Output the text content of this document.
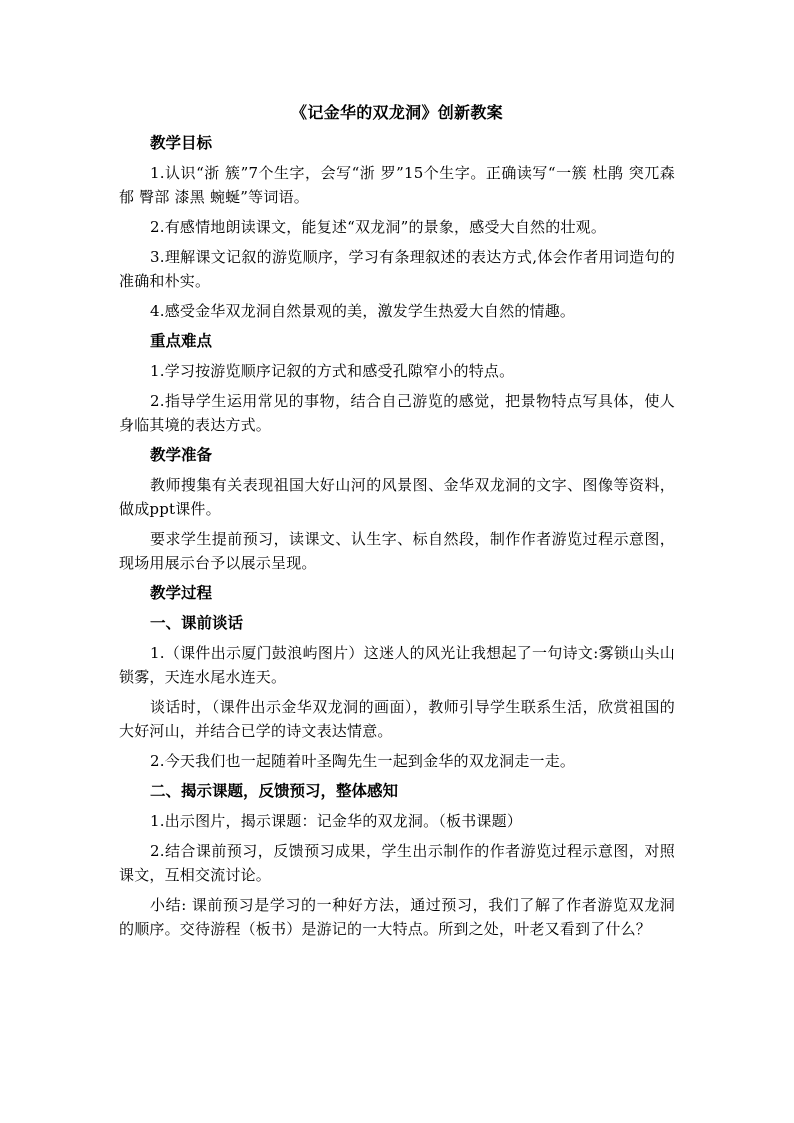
《记金华的双龙洞》创新教案
教学目标
1.认识“浙 簇”7个生字，会写“浙 罗”15个生字。正确读写“一簇 杜鹃 突兀森郁 臀部 漆黑 蜿蜒”等词语。
2.有感情地朗读课文，能复述“双龙洞”的景象，感受大自然的壮观。
3.理解课文记叙的游览顺序，学习有条理叙述的表达方式,体会作者用词造句的准确和朴实。
4.感受金华双龙洞自然景观的美，激发学生热爱大自然的情趣。
重点难点
1.学习按游览顺序记叙的方式和感受孔隙窄小的特点。
2.指导学生运用常见的事物，结合自己游览的感觉，把景物特点写具体，使人身临其境的表达方式。
教学准备
教师搜集有关表现祖国大好山河的风景图、金华双龙洞的文字、图像等资料，做成ppt课件。
要求学生提前预习，读课文、认生字、标自然段，制作作者游览过程示意图，现场用展示台予以展示呈现。
教学过程
一、课前谈话
1.（课件出示厦门鼓浪屿图片）这迷人的风光让我想起了一句诗文:雾锁山头山锁雾，天连水尾水连天。
谈话时，（课件出示金华双龙洞的画面），教师引导学生联系生活，欣赏祖国的大好河山，并结合已学的诗文表达情意。
2.今天我们也一起随着叶圣陶先生一起到金华的双龙洞走一走。
二、揭示课题，反馈预习，整体感知
1.出示图片，揭示课题：记金华的双龙洞。（板书课题）
2.结合课前预习，反馈预习成果，学生出示制作的作者游览过程示意图，对照课文，互相交流讨论。
小结: 课前预习是学习的一种好方法，通过预习，我们了解了作者游览双龙洞的顺序。交待游程（板书）是游记的一大特点。所到之处，叶老又看到了什么？
